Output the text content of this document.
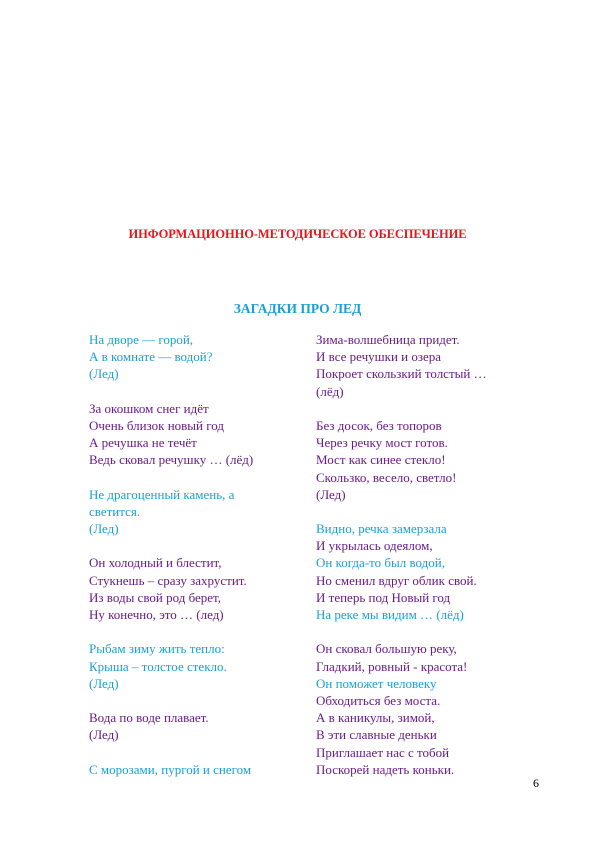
ИНФОРМАЦИОННО-МЕТОДИЧЕСКОЕ ОБЕСПЕЧЕНИЕ
ЗАГАДКИ ПРО ЛЕД
На дворе — горой,
А в комнате — водой?
(Лед)
За окошком снег идёт
Очень близок новый год
А речушка не течёт
Ведь сковал речушку … (лёд)
Не драгоценный камень, а
светится.
(Лед)
Он холодный и блестит,
Стукнешь – сразу захрустит.
Из воды свой род берет,
Ну конечно, это … (лед)
Рыбам зиму жить тепло:
Крыша – толстое стекло.
(Лед)
Вода по воде плавает.
(Лед)
С морозами, пургой и снегом
Зима-волшебница придет.
И все речушки и озера
Покроет скользкий толстый …
(лёд)
Без досок, без топоров
Через речку мост готов.
Мост как синее стекло!
Скользко, весело, светло!
(Лед)
Видно, речка замерзала
И укрылась одеялом,
Он когда-то был водой,
Но сменил вдруг облик свой.
И теперь под Новый год
На реке мы видим … (лёд)
Он сковал большую реку,
Гладкий, ровный - красота!
Он поможет человеку
Обходиться без моста.
А в каникулы, зимой,
В эти славные деньки
Приглашает нас с тобой
Поскорей надеть коньки.
6
